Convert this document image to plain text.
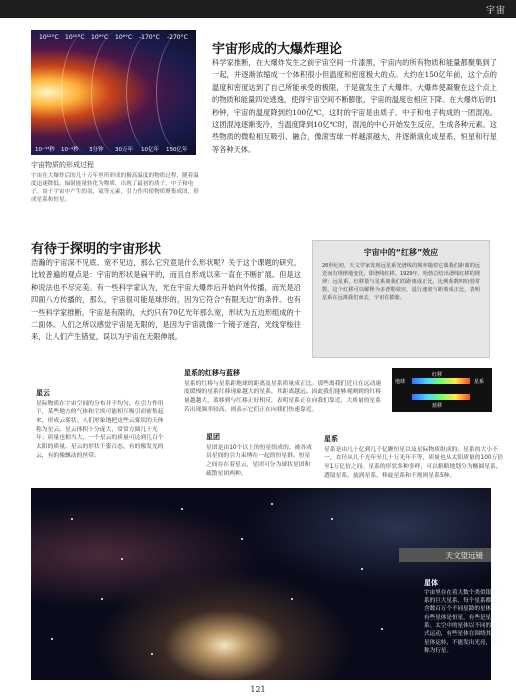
宇宙
10¹²°C 10¹⁰°C 10⁹°C 10⁶°C -170°C -270°C
10⁻⁴³秒 10⁻⁴秒 3分钟 30万年 10亿年 150亿年
宇宙物质的形成过程
宇宙在大爆炸后的几十万年里所形成的极高温度的物质过程，随着温度迅速降低，辐射能量转化为物质，出现了最初的质子、中子和电子。由于宇宙中产生的氢、氦等元素，引力作用使物质聚集成团，形成星系和恒星。
宇宙形成的大爆炸理论
科学家推断，在大爆炸发生之前宇宙空间一片漆黑，宇宙内的所有物质和能量都聚集到了一起，并逐渐浓缩成一个体积很小但温度和密度极大的点。大约在150亿年前，这个点的温度和密度达到了自己所能承受的极限，于是就发生了大爆炸。大爆炸使凝聚在这个点上的物质和能量四处逃逸，使得宇宙空间不断膨胀，宇宙的温度也相应下降。在大爆炸后的1秒钟，宇宙的温度降到约100亿℃，这时的宇宙是由质子、中子和电子构成的一团混沌。这团混沌逐渐变冷，当温度降到10亿℃时，混沌的中心开始发生反应，生成各种元素。这些物质的微粒相互吸引、融合，像滚雪球一样越滚越大，并逐渐演化成星系、恒星和行星等各种天体。
有待于探明的宇宙形状
浩瀚的宇宙深不见底、宽不见边，那么它究竟是什么形状呢？关于这个课题的研究，比较普遍的观点是：宇宙的形状是扁平的，而且自形成以来一直在不断扩展。但是这种说法也不尽完美。有一些科学家认为，光在宇宙大爆炸后开始向外传播，而光是沿四面八方传播的，那么，宇宙很可能是球形的，因为它符合“有限无边”的条件。也有一些科学家推断，宇宙是有限的，大约只有70亿光年那么宽，形状为五边形组成的十二面体。人们之所以感觉宇宙是无限的，是因为宇宙就像一个镜子迷宫，光线穿梭往来，让人们产生错觉，误以为宇宙在无限伸展。
宇宙中的“红移”效应
20世纪初，天文学家发现远星系光谱线的频率随着它离我们距离的远近而有规律地变化，即谱线红移。1929年，哈勃总结出谱线红移的规律：远星系，红移量与星系离我们的距离成正比，比例系数叫哈勃常数，这个红移可以解释为多普勒效应，退行速度与距离成正比，表明星系在远离我们而去，宇宙在膨胀。
星云
星际物质在宇宙空间的分布并不均匀。在引力作用下，某些地方的气体和尘埃可能相互吸引而密集起来，形成云雾状。人们形象地把这些云雾状的天体称为星云。星云体积十分庞大，常常方圆几十光年；质量也相当大，一个星云的质量可达到几百个太阳的质量。星云的形状千姿百态，有的像发光的云，有的像飘动的丝带。
星系的红移与蓝移
星系的红移与星系距地球的距离及星系质量成正比。那些离我们近且在远动速度缓慢的星系红移现象越大的星系，其距离越远。因此我们能够观测到的红移量越越大，蓝移到与红移正好相反，表明星系正在向我们靠近，大质量的星系若出现频率较高，则表示它们正在向我们快速靠近。
地球
红移
星系
蓝移
星团
星团是由10个以上的恒星组成的、被各成员星间的引力束缚在一起的恒星群。恒星之间存在着星云，星团可分为球状星团和疏散星团两种。
星系
星系是由几十亿到几千亿颗恒星以及星际物质组成的。星系的大小不一，直径从几千光年至几十万光年不等，质量也从太阳质量的100万倍至1万亿倍之间。星系的形状多种多样，可以粗略地划分为椭圆星系、透镜星系、旋涡星系、棒旋星系和不规则星系5种。
天文望远镜
星体
宇宙里存在着大数个类似银河系的巨大星系，每个星系都包含数百万个不同星龄的星体。有些星体是恒星，有些是星系。太空中的星体以不同的方式运动，有些星体在围绕其他星体运转，不能发出光亮，被称为行星。
121
